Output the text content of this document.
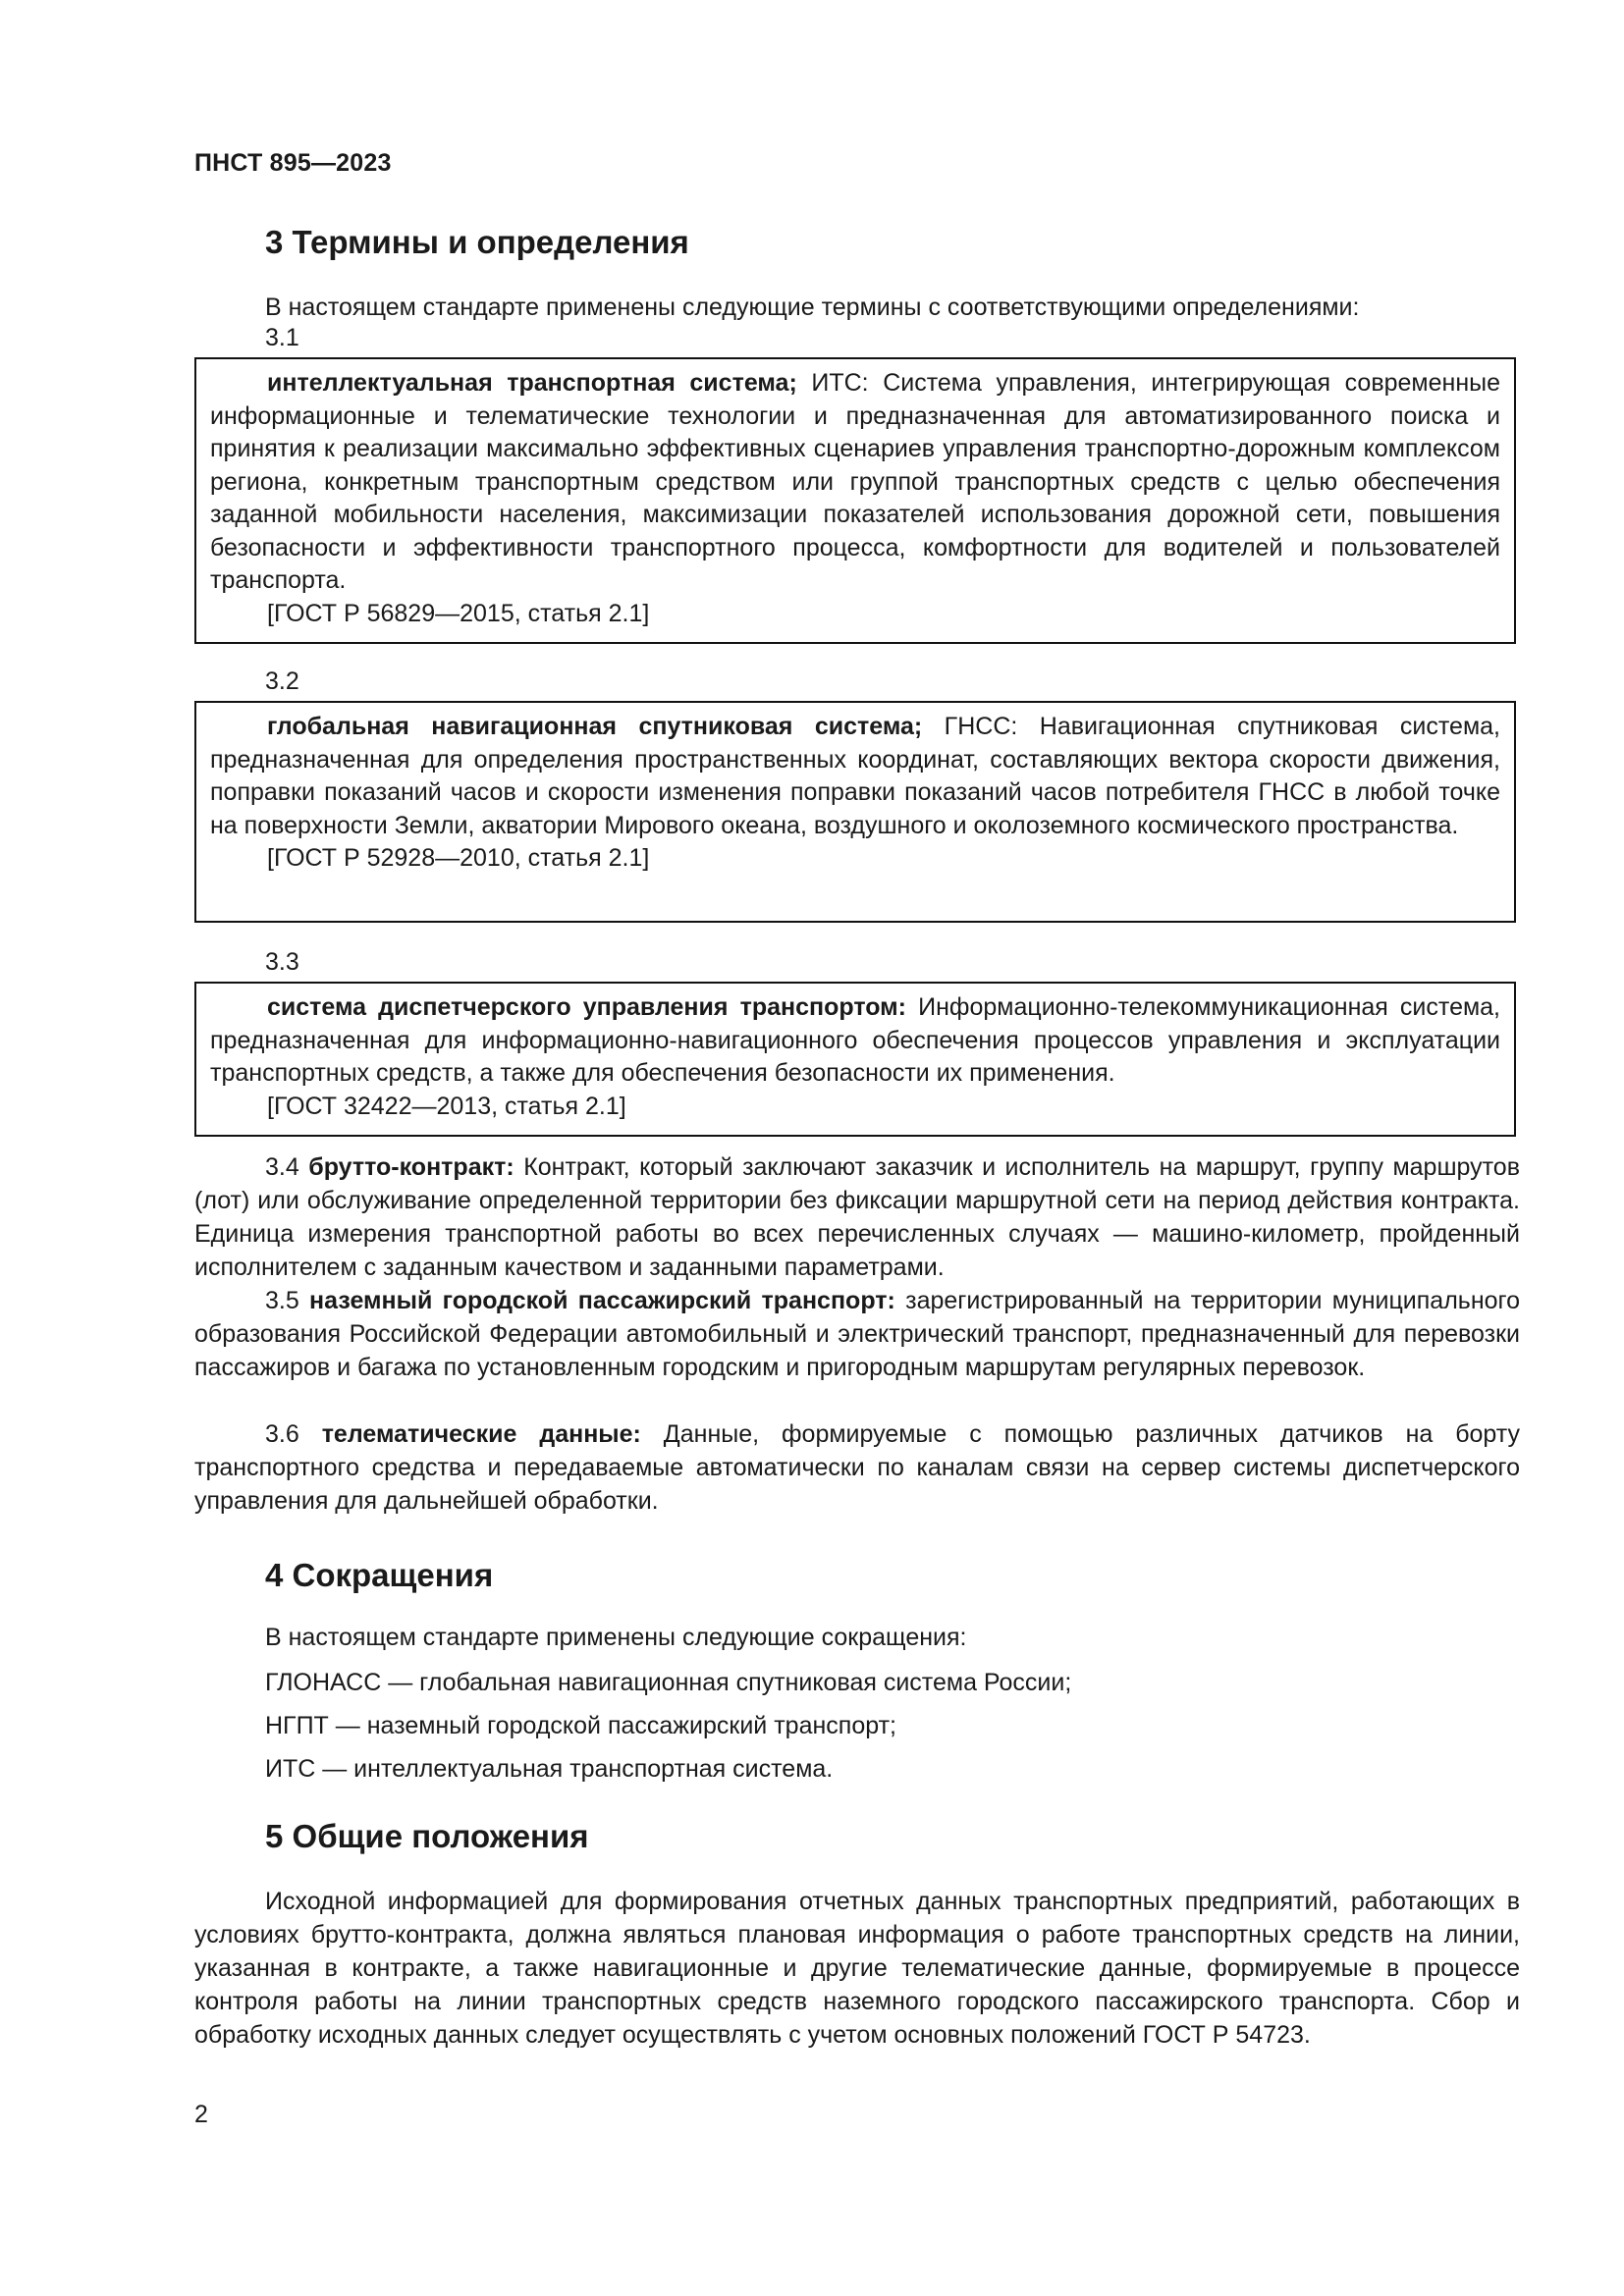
ПНСТ 895—2023
3 Термины и определения

В настоящем стандарте применены следующие термины с соответствующими определениями:

3.1

интеллектуальная транспортная система; ИТС: Система управления, интегрирующая современные информационные и телематические технологии и предназначенная для автоматизированного поиска и принятия к реализации максимально эффективных сценариев управления транспортно-дорожным комплексом региона, конкретным транспортным средством или группой транспортных средств с целью обеспечения заданной мобильности населения, максимизации показателей использования дорожной сети, повышения безопасности и эффективности транспортного процесса, комфортности для водителей и пользователей транспорта.

[ГОСТ Р 56829—2015, статья 2.1]

3.2

глобальная навигационная спутниковая система; ГНСС: Навигационная спутниковая система, предназначенная для определения пространственных координат, составляющих вектора скорости движения, поправки показаний часов и скорости изменения поправки показаний часов потребителя ГНСС в любой точке на поверхности Земли, акватории Мирового океана, воздушного и околоземного космического пространства.

[ГОСТ Р 52928—2010, статья 2.1]

3.3

система диспетчерского управления транспортом: Информационно-телекоммуникационная система, предназначенная для информационно-навигационного обеспечения процессов управления и эксплуатации транспортных средств, а также для обеспечения безопасности их применения.

[ГОСТ 32422—2013, статья 2.1]

3.4 брутто-контракт: Контракт, который заключают заказчик и исполнитель на маршрут, группу маршрутов (лот) или обслуживание определенной территории без фиксации маршрутной сети на период действия контракта. Единица измерения транспортной работы во всех перечисленных случаях — машино-километр, пройденный исполнителем с заданным качеством и заданными параметрами.

3.5 наземный городской пассажирский транспорт: зарегистрированный на территории муниципального образования Российской Федерации автомобильный и электрический транспорт, предназначенный для перевозки пассажиров и багажа по установленным городским и пригородным маршрутам регулярных перевозок.

3.6 телематические данные: Данные, формируемые с помощью различных датчиков на борту транспортного средства и передаваемые автоматически по каналам связи на сервер системы диспетчерского управления для дальнейшей обработки.

4 Сокращения

В настоящем стандарте применены следующие сокращения:

ГЛОНАСС — глобальная навигационная спутниковая система России;

НГПТ — наземный городской пассажирский транспорт;

ИТС — интеллектуальная транспортная система.

5 Общие положения

Исходной информацией для формирования отчетных данных транспортных предприятий, работающих в условиях брутто-контракта, должна являться плановая информация о работе транспортных средств на линии, указанная в контракте, а также навигационные и другие телематические данные, формируемые в процессе контроля работы на линии транспортных средств наземного городского пассажирского транспорта. Сбор и обработку исходных данных следует осуществлять с учетом основных положений ГОСТ Р 54723.

2
